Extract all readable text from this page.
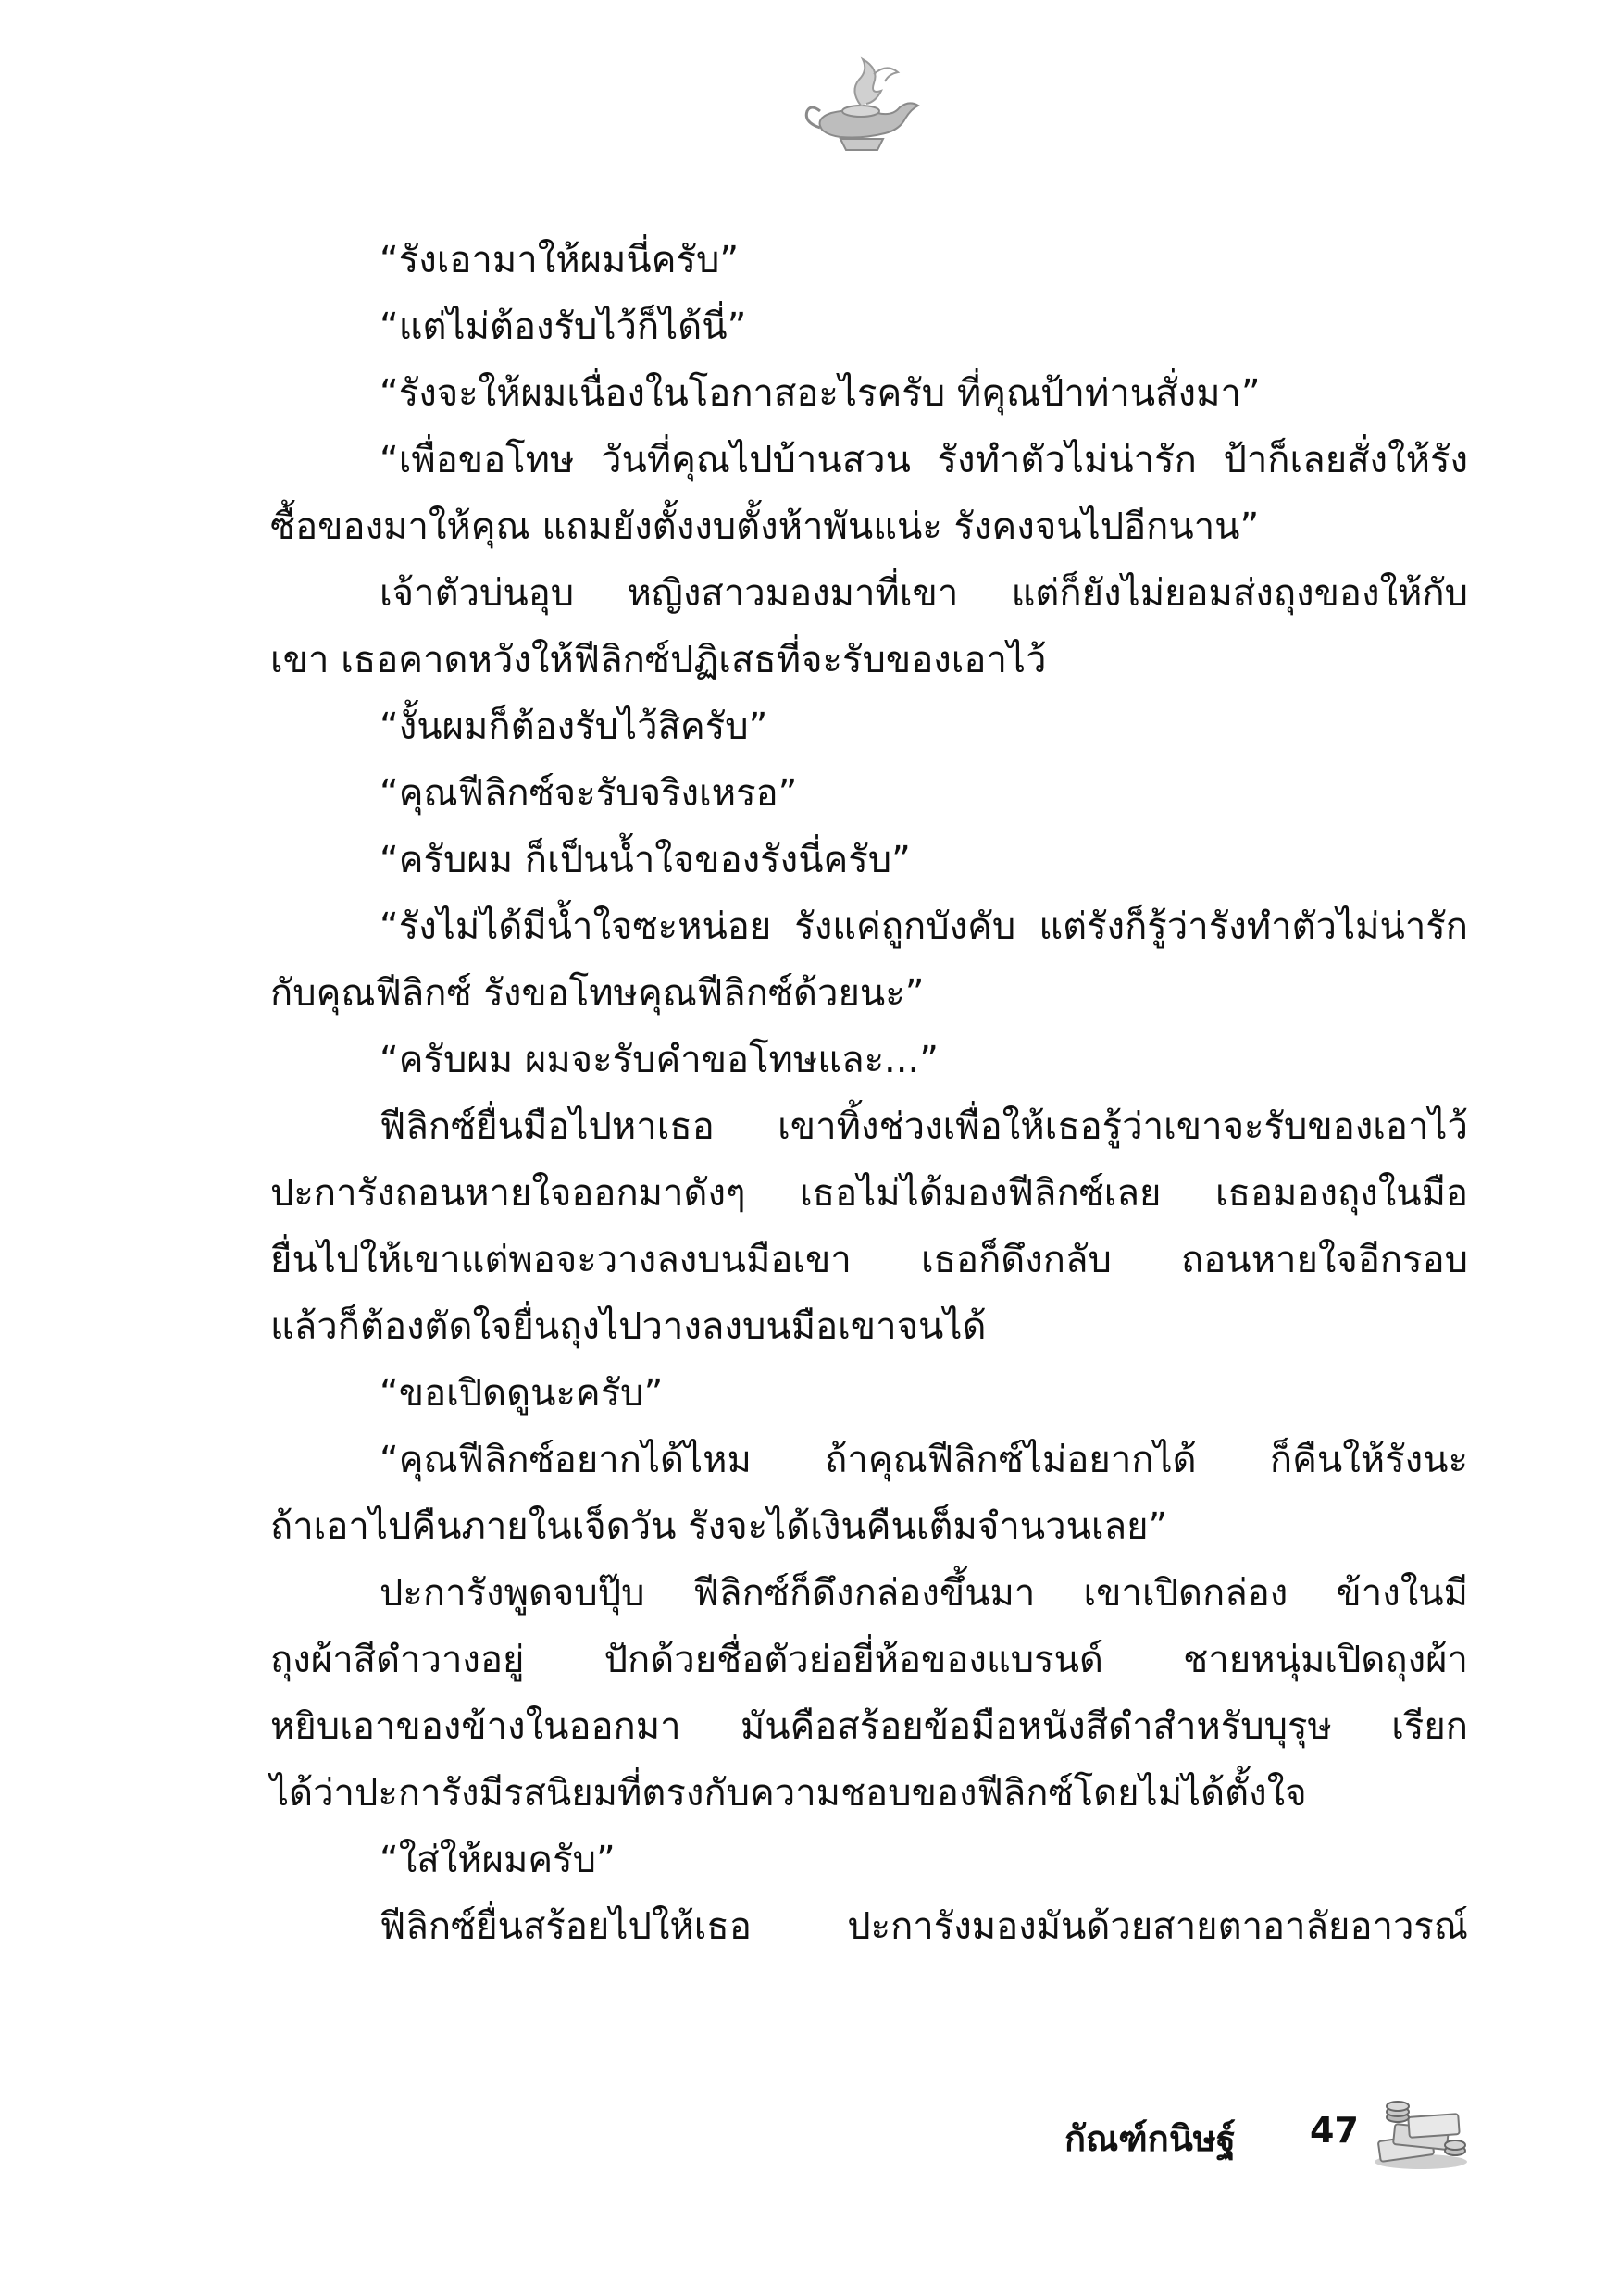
“รังเอามาให้ผมนี่ครับ”
“แต่ไม่ต้องรับไว้ก็ได้นี่”
“รังจะให้ผมเนื่องในโอกาสอะไรครับ ที่คุณป้าท่านสั่งมา”
“เพื่อขอโทษ วันที่คุณไปบ้านสวน รังทำตัวไม่น่ารัก ป้าก็เลยสั่งให้รัง
ซื้อของมาให้คุณ แถมยังตั้งงบตั้งห้าพันแน่ะ รังคงจนไปอีกนาน”
เจ้าตัวบ่นอุบ หญิงสาวมองมาที่เขา แต่ก็ยังไม่ยอมส่งถุงของให้กับ
เขา เธอคาดหวังให้ฟีลิกซ์ปฏิเสธที่จะรับของเอาไว้
“งั้นผมก็ต้องรับไว้สิครับ”
“คุณฟีลิกซ์จะรับจริงเหรอ”
“ครับผม ก็เป็นน้ำใจของรังนี่ครับ”
“รังไม่ได้มีน้ำใจซะหน่อย รังแค่ถูกบังคับ แต่รังก็รู้ว่ารังทำตัวไม่น่ารัก
กับคุณฟีลิกซ์ รังขอโทษคุณฟีลิกซ์ด้วยนะ”
“ครับผม ผมจะรับคำขอโทษและ...”
ฟีลิกซ์ยื่นมือไปหาเธอ เขาทิ้งช่วงเพื่อให้เธอรู้ว่าเขาจะรับของเอาไว้
ปะการังถอนหายใจออกมาดังๆ เธอไม่ได้มองฟีลิกซ์เลย เธอมองถุงในมือ
ยื่นไปให้เขาแต่พอจะวางลงบนมือเขา เธอก็ดึงกลับ ถอนหายใจอีกรอบ
แล้วก็ต้องตัดใจยื่นถุงไปวางลงบนมือเขาจนได้
“ขอเปิดดูนะครับ”
“คุณฟีลิกซ์อยากได้ไหม ถ้าคุณฟีลิกซ์ไม่อยากได้ ก็คืนให้รังนะ
ถ้าเอาไปคืนภายในเจ็ดวัน รังจะได้เงินคืนเต็มจำนวนเลย”
ปะการังพูดจบปุ๊บ ฟีลิกซ์ก็ดึงกล่องขึ้นมา เขาเปิดกล่อง ข้างในมี
ถุงผ้าสีดำวางอยู่ ปักด้วยชื่อตัวย่อยี่ห้อของแบรนด์ ชายหนุ่มเปิดถุงผ้า
หยิบเอาของข้างในออกมา มันคือสร้อยข้อมือหนังสีดำสำหรับบุรุษ เรียก
ได้ว่าปะการังมีรสนิยมที่ตรงกับความชอบของฟีลิกซ์โดยไม่ได้ตั้งใจ
“ใส่ให้ผมครับ”
ฟีลิกซ์ยื่นสร้อยไปให้เธอ ปะการังมองมันด้วยสายตาอาลัยอาวรณ์
กัณฑ์กนิษฐ์ 47
